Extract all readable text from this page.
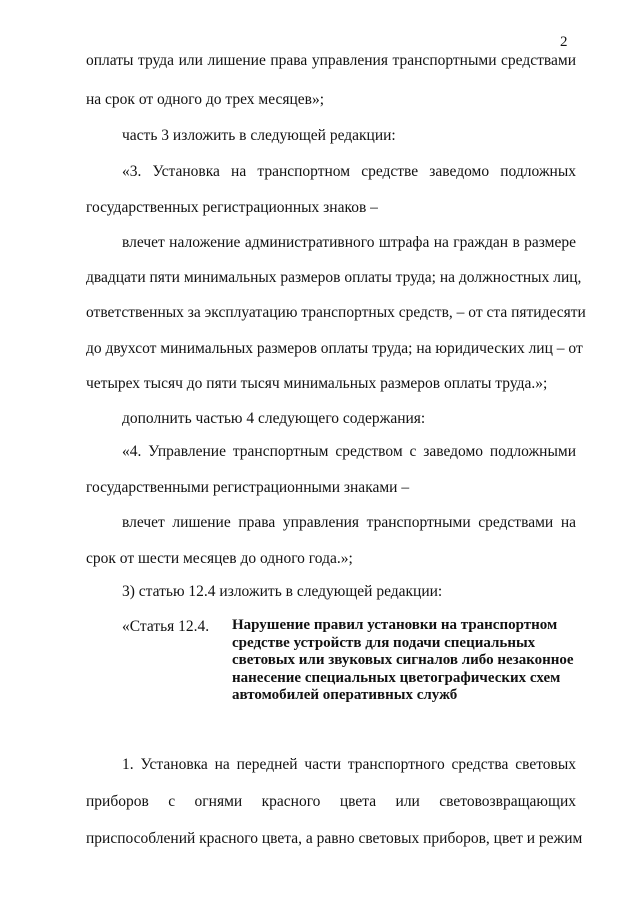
2
оплаты труда или лишение права управления транспортными средствами
на срок от одного до трех месяцев»;
часть 3 изложить в следующей редакции:
«3. Установка на транспортном средстве заведомо подложных
государственных регистрационных знаков –
влечет наложение административного штрафа на граждан в размере
двадцати пяти минимальных размеров оплаты труда; на должностных лиц,
ответственных за эксплуатацию транспортных средств, – от ста пятидесяти
до двухсот минимальных размеров оплаты труда; на юридических лиц – от
четырех тысяч до пяти тысяч минимальных размеров оплаты труда.»;
дополнить частью 4 следующего содержания:
«4. Управление транспортным средством с заведомо подложными
государственными регистрационными знаками –
влечет лишение права управления транспортными средствами на
срок от шести месяцев до одного года.»;
3) статью 12.4 изложить в следующей редакции:
«Статья 12.4. Нарушение правил установки на транспортном средстве устройств для подачи специальных световых или звуковых сигналов либо незаконное нанесение специальных цветографических схем автомобилей оперативных служб
1. Установка на передней части транспортного средства световых
приборов с огнями красного цвета или световозвращающих
приспособлений красного цвета, а равно световых приборов, цвет и режим
